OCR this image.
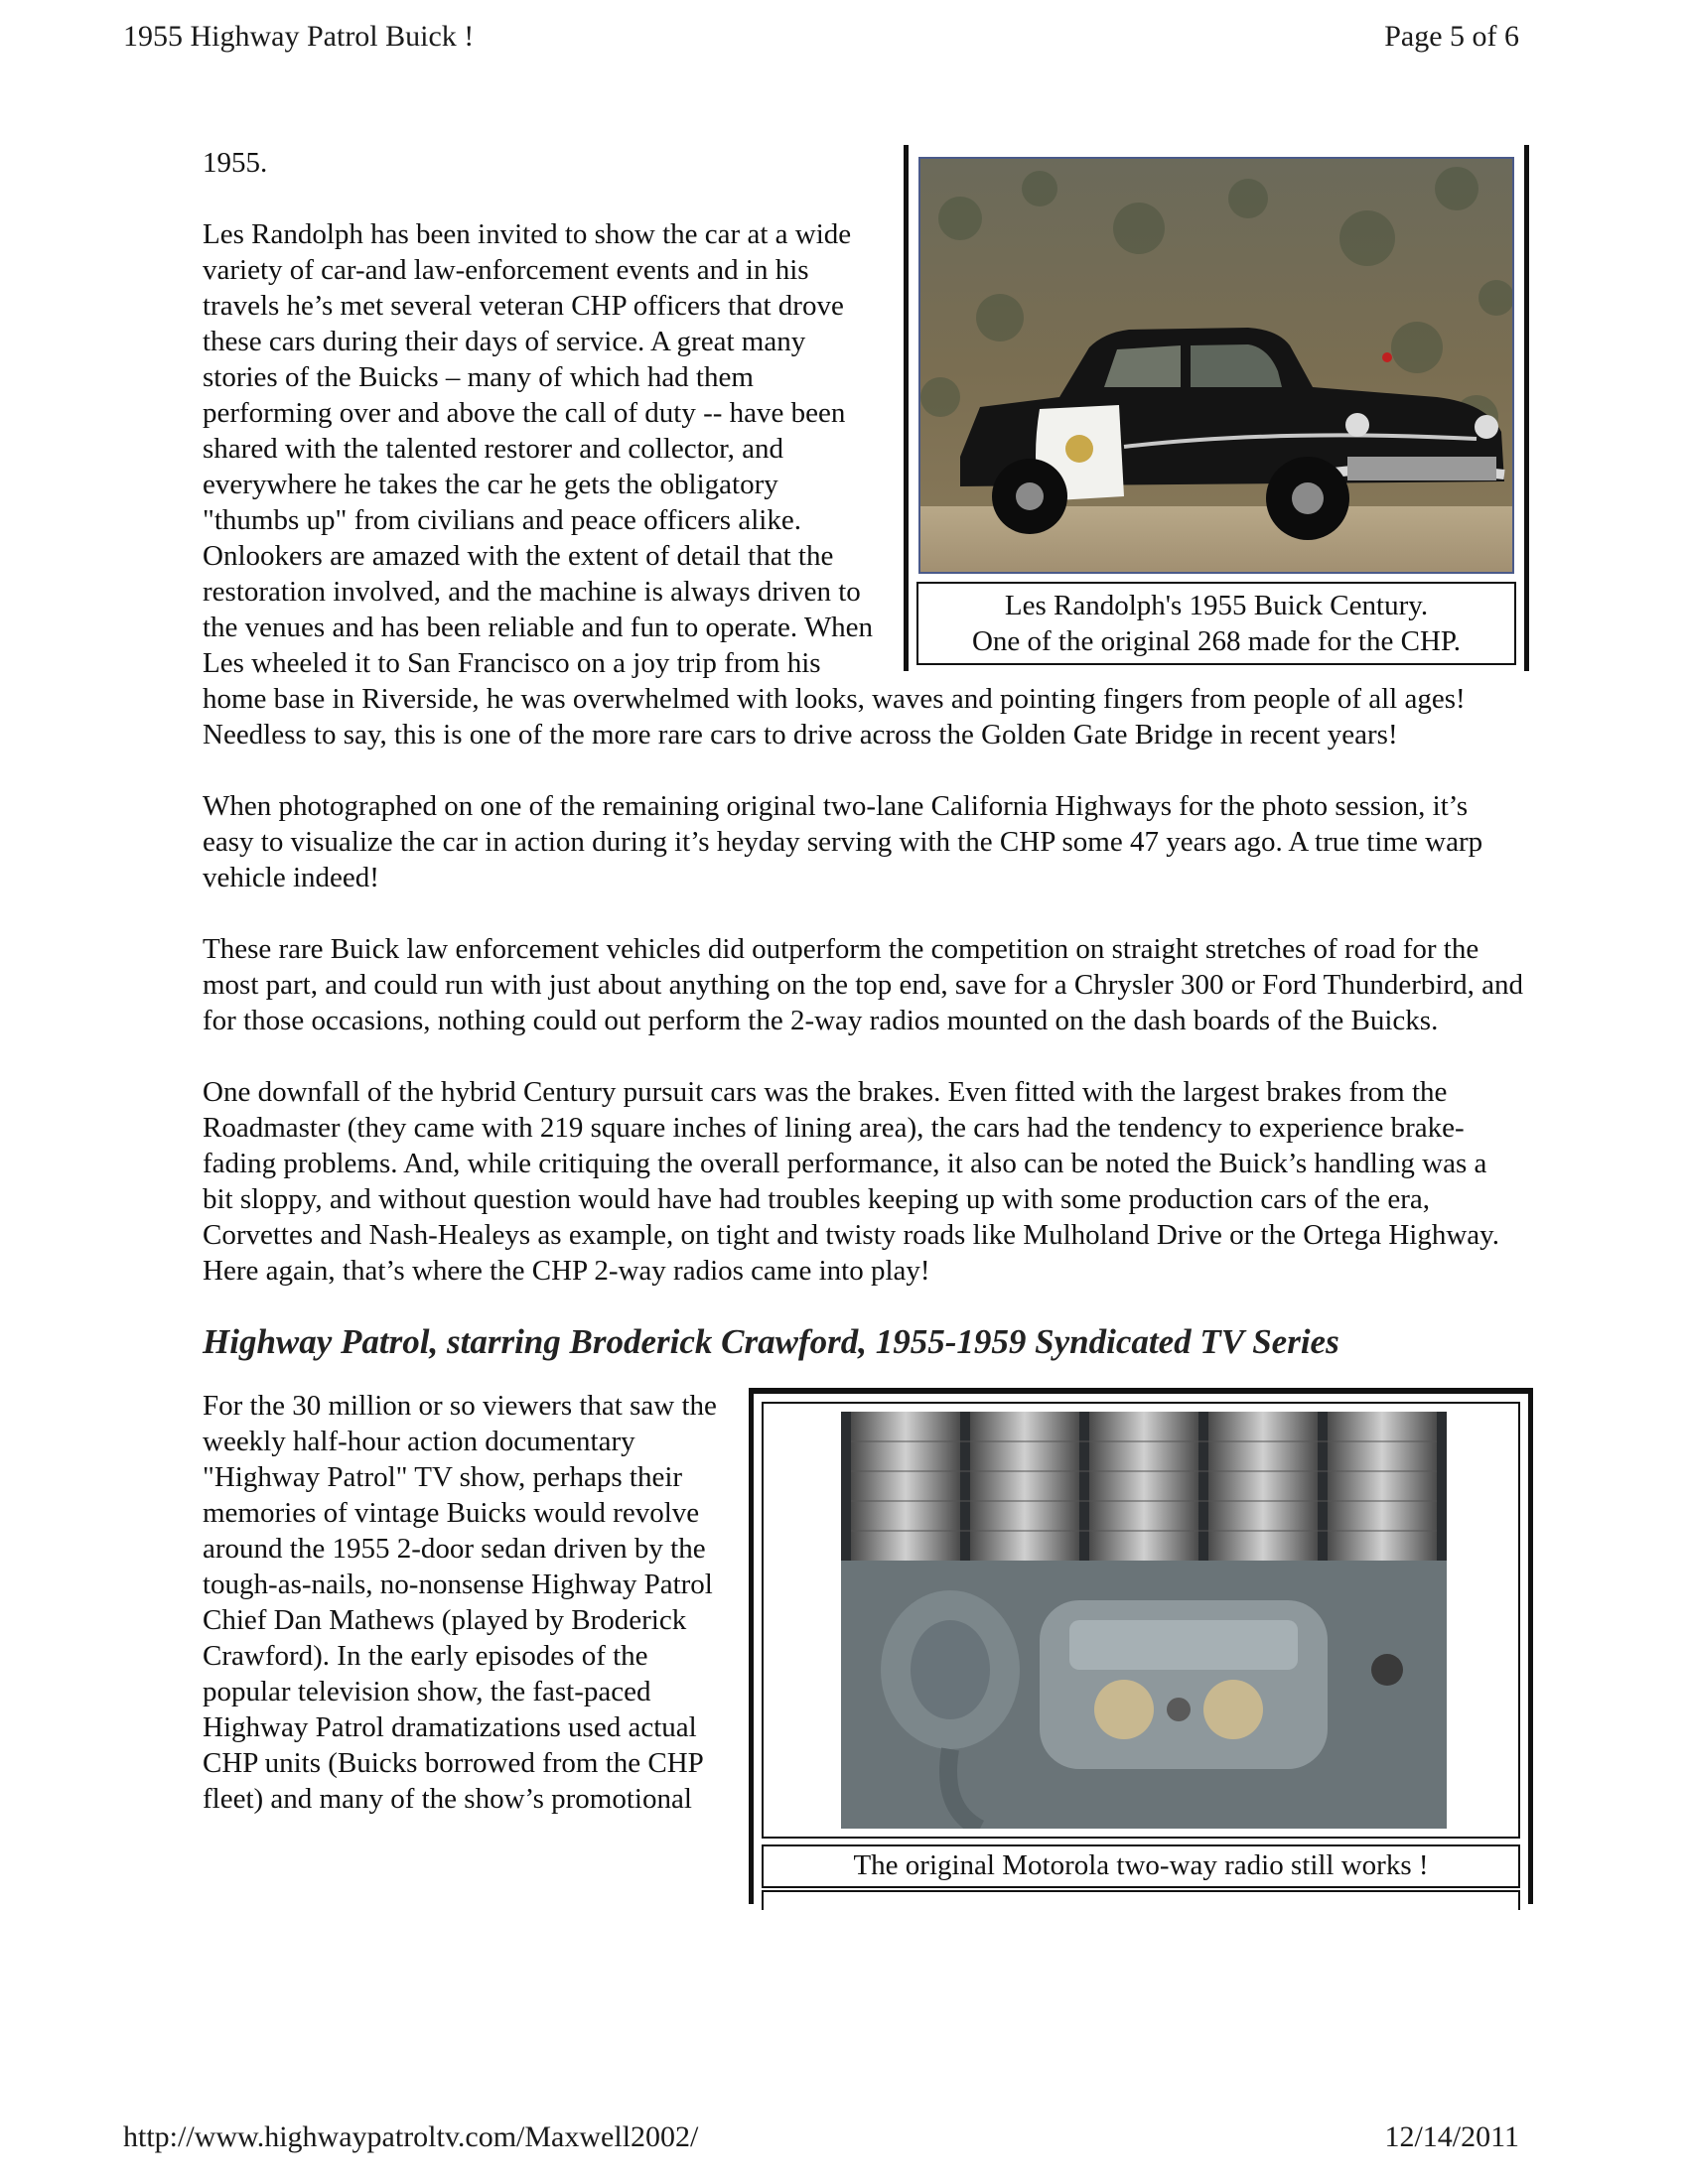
1955 Highway Patrol Buick !	Page 5 of 6
Les Randolph's 1955 Buick Century.
One of the original 268 made for the CHP.

1955.

Les Randolph has been invited to show the car at a wide variety of car-and law-enforcement events and in his travels he’s met several veteran CHP officers that drove these cars during their days of service. A great many stories of the Buicks – many of which had them performing over and above the call of duty -- have been shared with the talented restorer and collector, and everywhere he takes the car he gets the obligatory "thumbs up" from civilians and peace officers alike. Onlookers are amazed with the extent of detail that the restoration involved, and the machine is always driven to the venues and has been reliable and fun to operate. When Les wheeled it to San Francisco on a joy trip from his home base in Riverside, he was overwhelmed with looks, waves and pointing fingers from people of all ages! Needless to say, this is one of the more rare cars to drive across the Golden Gate Bridge in recent years!

When photographed on one of the remaining original two-lane California Highways for the photo session, it’s easy to visualize the car in action during it’s heyday serving with the CHP some 47 years ago. A true time warp vehicle indeed!

These rare Buick law enforcement vehicles did outperform the competition on straight stretches of road for the most part, and could run with just about anything on the top end, save for a Chrysler 300 or Ford Thunderbird, and for those occasions, nothing could out perform the 2-way radios mounted on the dash boards of the Buicks.

One downfall of the hybrid Century pursuit cars was the brakes. Even fitted with the largest brakes from the Roadmaster (they came with 219 square inches of lining area), the cars had the tendency to experience brake-fading problems. And, while critiquing the overall performance, it also can be noted the Buick’s handling was a bit sloppy, and without question would have had troubles keeping up with some production cars of the era, Corvettes and Nash-Healeys as example, on tight and twisty roads like Mulholand Drive or the Ortega Highway. Here again, that’s where the CHP 2-way radios came into play!

Highway Patrol, starring Broderick Crawford, 1955-1959 Syndicated TV Series
The original Motorola two-way radio still works !

For the 30 million or so viewers that saw the weekly half-hour action documentary "Highway Patrol" TV show, perhaps their memories of vintage Buicks would revolve around the 1955 2-door sedan driven by the tough-as-nails, no-nonsense Highway Patrol Chief Dan Mathews (played by Broderick Crawford). In the early episodes of the popular television show, the fast-paced Highway Patrol dramatizations used actual CHP units (Buicks borrowed from the CHP fleet) and many of the show’s promotional

http://www.highwaypatroltv.com/Maxwell2002/	12/14/2011
